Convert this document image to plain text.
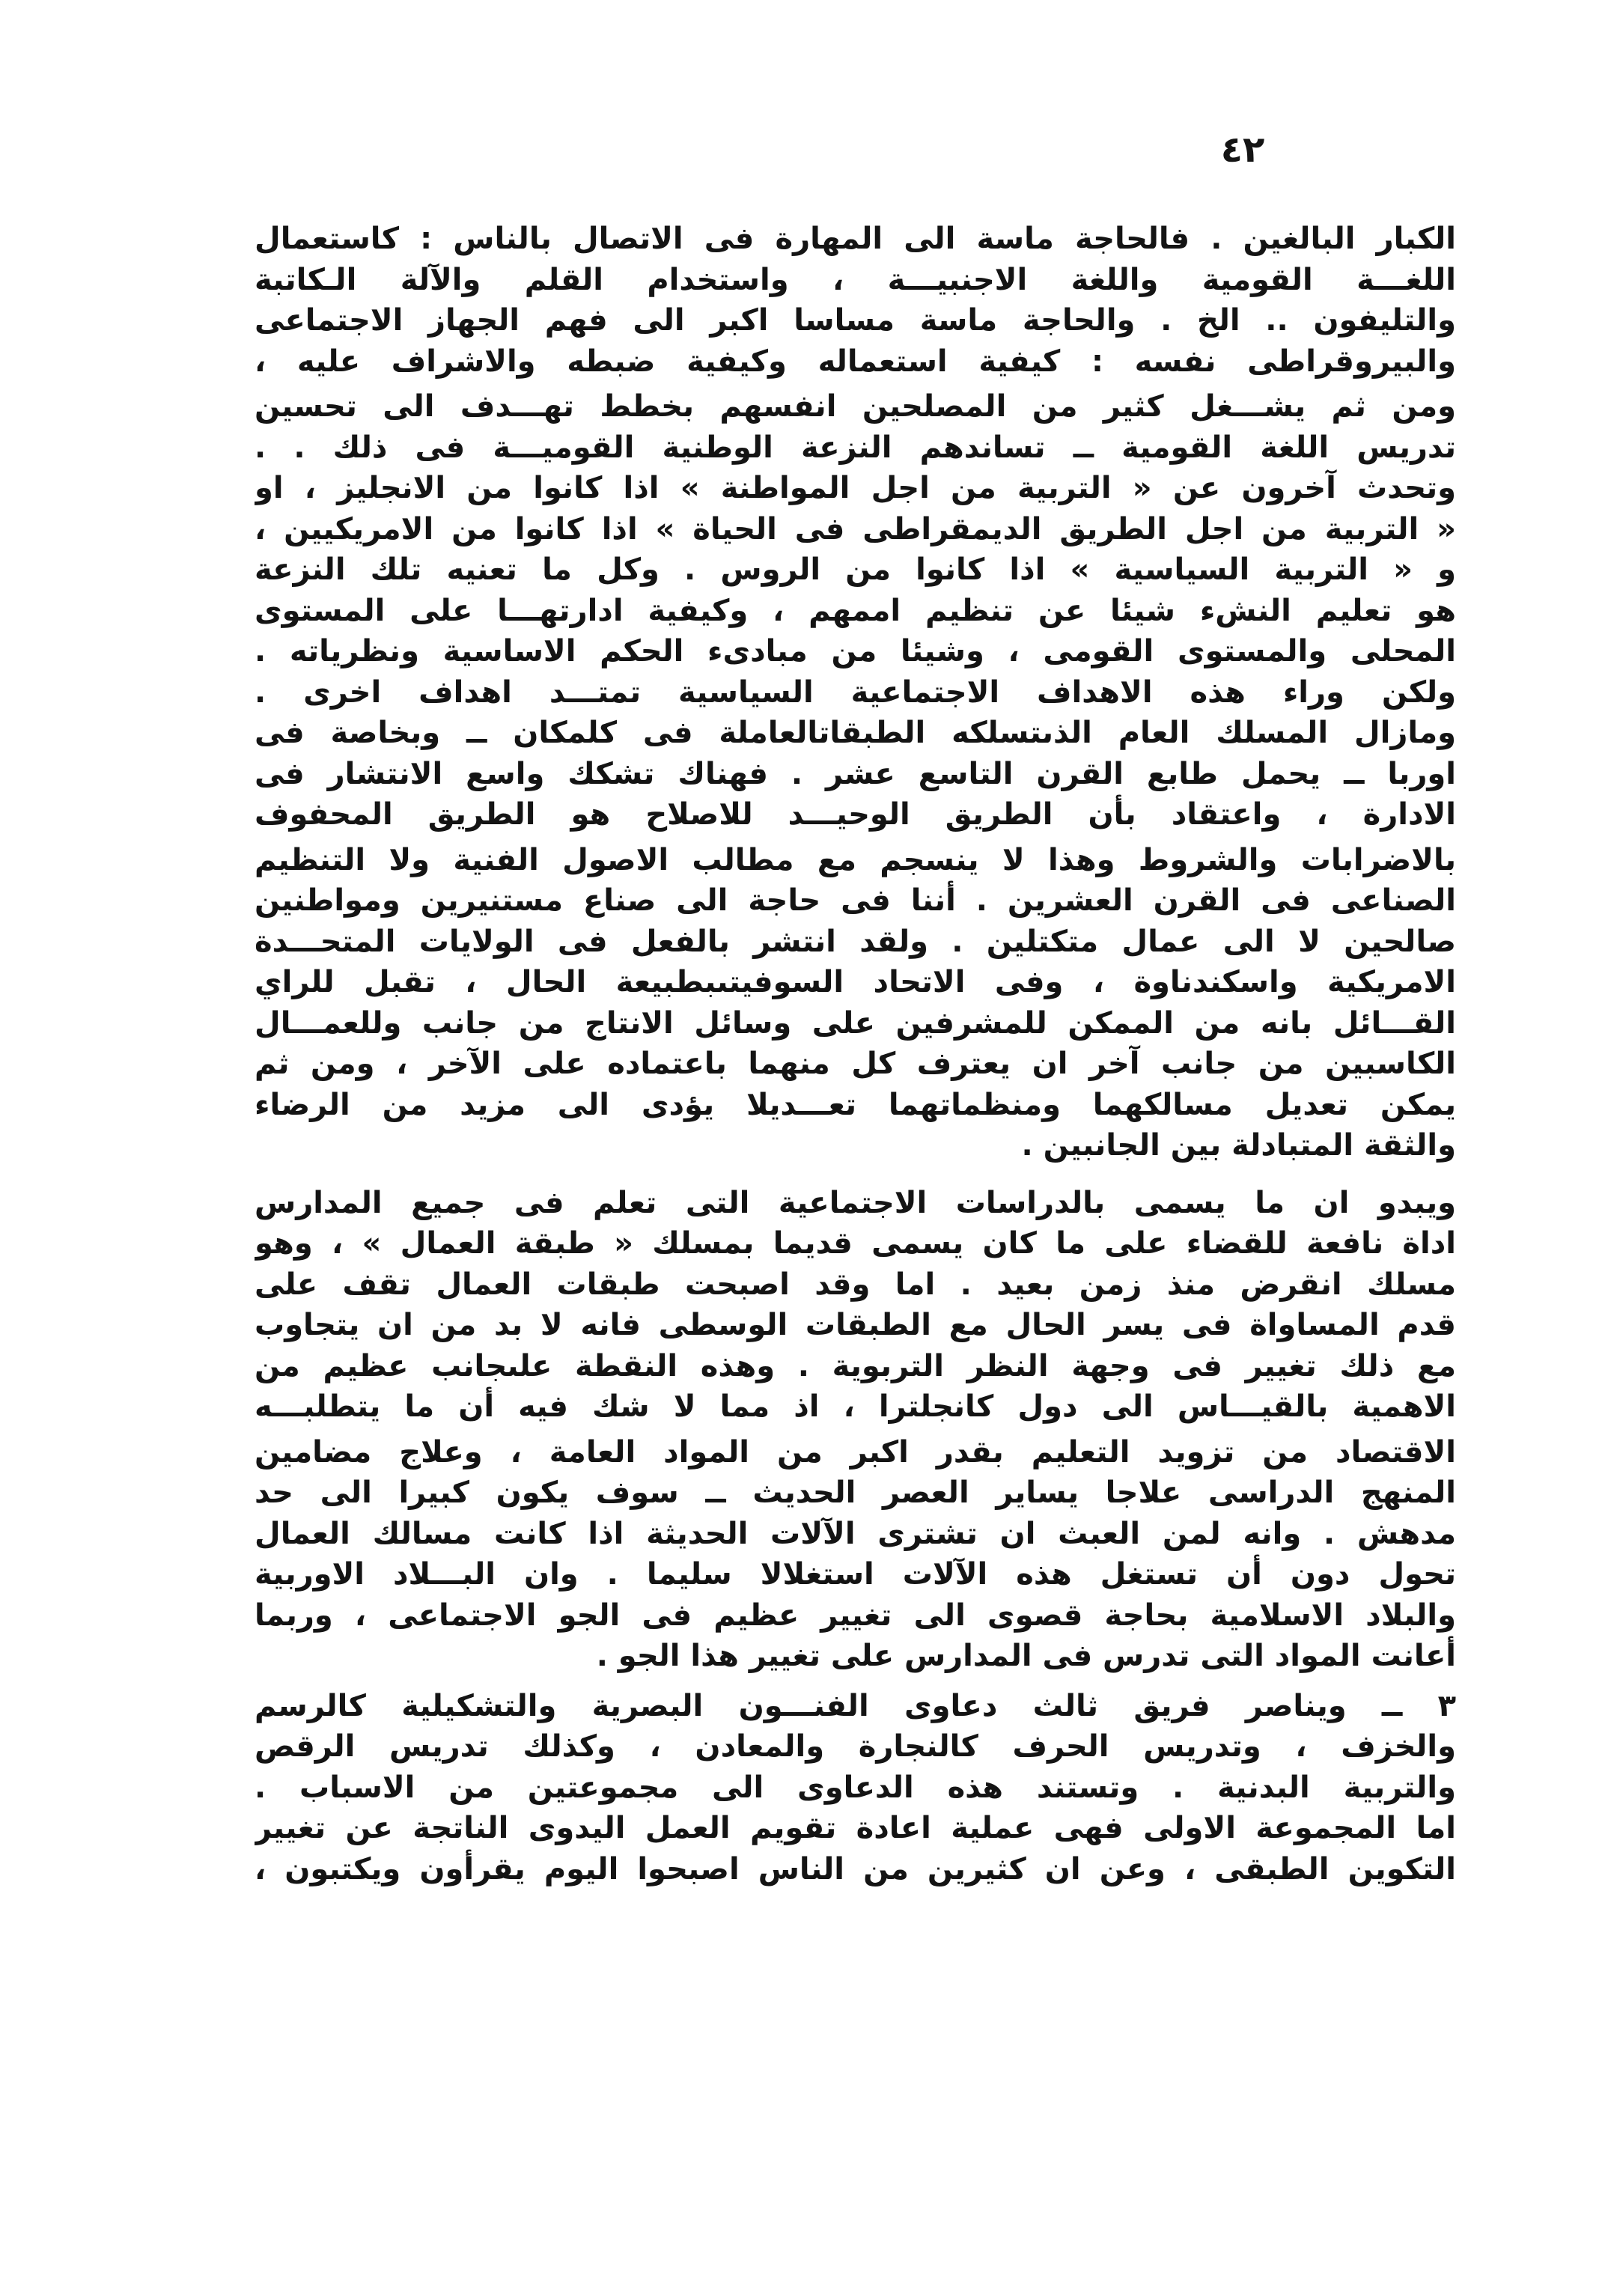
٤٢
الكبار البالغين . فالحاجة ماسة الى المهارة فى الاتصال بالناس : كاستعمال
اللغـــة القومية واللغة الاجنبيـــة ، واستخدام القلم والآلة الـكاتبة
والتليفون .. الخ . والحاجة ماسة مساسا اكبر الى فهم الجهاز الاجتماعى
والبيروقراطى نفسه : كيفية استعماله وكيفية ضبطه والاشراف عليه ،
ومن ثم يشـــغل كثير من المصلحين انفسهم بخطط تهـــدف الى تحسين
تدريس اللغة القومية ــ تساندهم النزعة الوطنية القوميـــة فى ذلك . .
وتحدث آخرون عن « التربية من اجل المواطنة » اذا كانوا من الانجليز ، او
« التربية من اجل الطريق الديمقراطى فى الحياة » اذا كانوا من الامريكيين ،
و « التربية السياسية » اذا كانوا من الروس . وكل ما تعنيه تلك النزعة
هو تعليم النشء شيئا عن تنظيم اممهم ، وكيفية ادارتهـــا على المستوى
المحلى والمستوى القومى ، وشيئا من مبادىء الحكم الاساسية ونظرياته .
ولكن وراء هذه الاهداف الاجتماعية السياسية تمتـــد اهداف اخرى .
ومازال المسلك العام الذىتسلكه الطبقاتالعاملة فى كلمكان ــ وبخاصة فى
اوربا ــ يحمل طابع القرن التاسع عشر . فهناك تشكك واسع الانتشار فى
الادارة ، واعتقاد بأن الطريق الوحيـــد للاصلاح هو الطريق المحفوف
بالاضرابات والشروط وهذا لا ينسجم مع مطالب الاصول الفنية ولا التنظيم
الصناعى فى القرن العشرين . أننا فى حاجة الى صناع مستنيرين ومواطنين
صالحين لا الى عمال متكتلين . ولقد انتشر بالفعل فى الولايات المتحـــدة
الامريكية واسكندناوة ، وفى الاتحاد السوفيتىبطبيعة الحال ، تقبل للراي
القـــائل بانه من الممكن للمشرفين على وسائل الانتاج من جانب وللعمـــال
الكاسبين من جانب آخر ان يعترف كل منهما باعتماده على الآخر ، ومن ثم
يمكن تعديل مسالكهما ومنظماتهما تعـــديلا يؤدى الى مزيد من الرضاء
والثقة المتبادلة بين الجانبين .
ويبدو ان ما يسمى بالدراسات الاجتماعية التى تعلم فى جميع المدارس
اداة نافعة للقضاء على ما كان يسمى قديما بمسلك « طبقة العمال » ، وهو
مسلك انقرض منذ زمن بعيد . اما وقد اصبحت طبقات العمال تقف على
قدم المساواة فى يسر الحال مع الطبقات الوسطى فانه لا بد من ان يتجاوب
مع ذلك تغيير فى وجهة النظر التربوية . وهذه النقطة علىجانب عظيم من
الاهمية بالقيـــاس الى دول كانجلترا ، اذ مما لا شك فيه أن ما يتطلبـــه
الاقتصاد من تزويد التعليم بقدر اكبر من المواد العامة ، وعلاج مضامين
المنهج الدراسى علاجا يساير العصر الحديث ــ سوف يكون كبيرا الى حد
مدهش . وانه لمن العبث ان تشترى الآلات الحديثة اذا كانت مسالك العمال
تحول دون أن تستغل هذه الآلات استغلالا سليما . وان البـــلاد الاوربية
والبلاد الاسلامية بحاجة قصوى الى تغيير عظيم فى الجو الاجتماعى ، وربما
أعانت المواد التى تدرس فى المدارس على تغيير هذا الجو .
٣ ــ ويناصر فريق ثالث دعاوى الفنـــون البصرية والتشكيلية كالرسم
والخزف ، وتدريس الحرف كالنجارة والمعادن ، وكذلك تدريس الرقص
والتربية البدنية . وتستند هذه الدعاوى الى مجموعتين من الاسباب .
اما المجموعة الاولى فهى عملية اعادة تقويم العمل اليدوى الناتجة عن تغيير
التكوين الطبقى ، وعن ان كثيرين من الناس اصبحوا اليوم يقرأون ويكتبون ،
